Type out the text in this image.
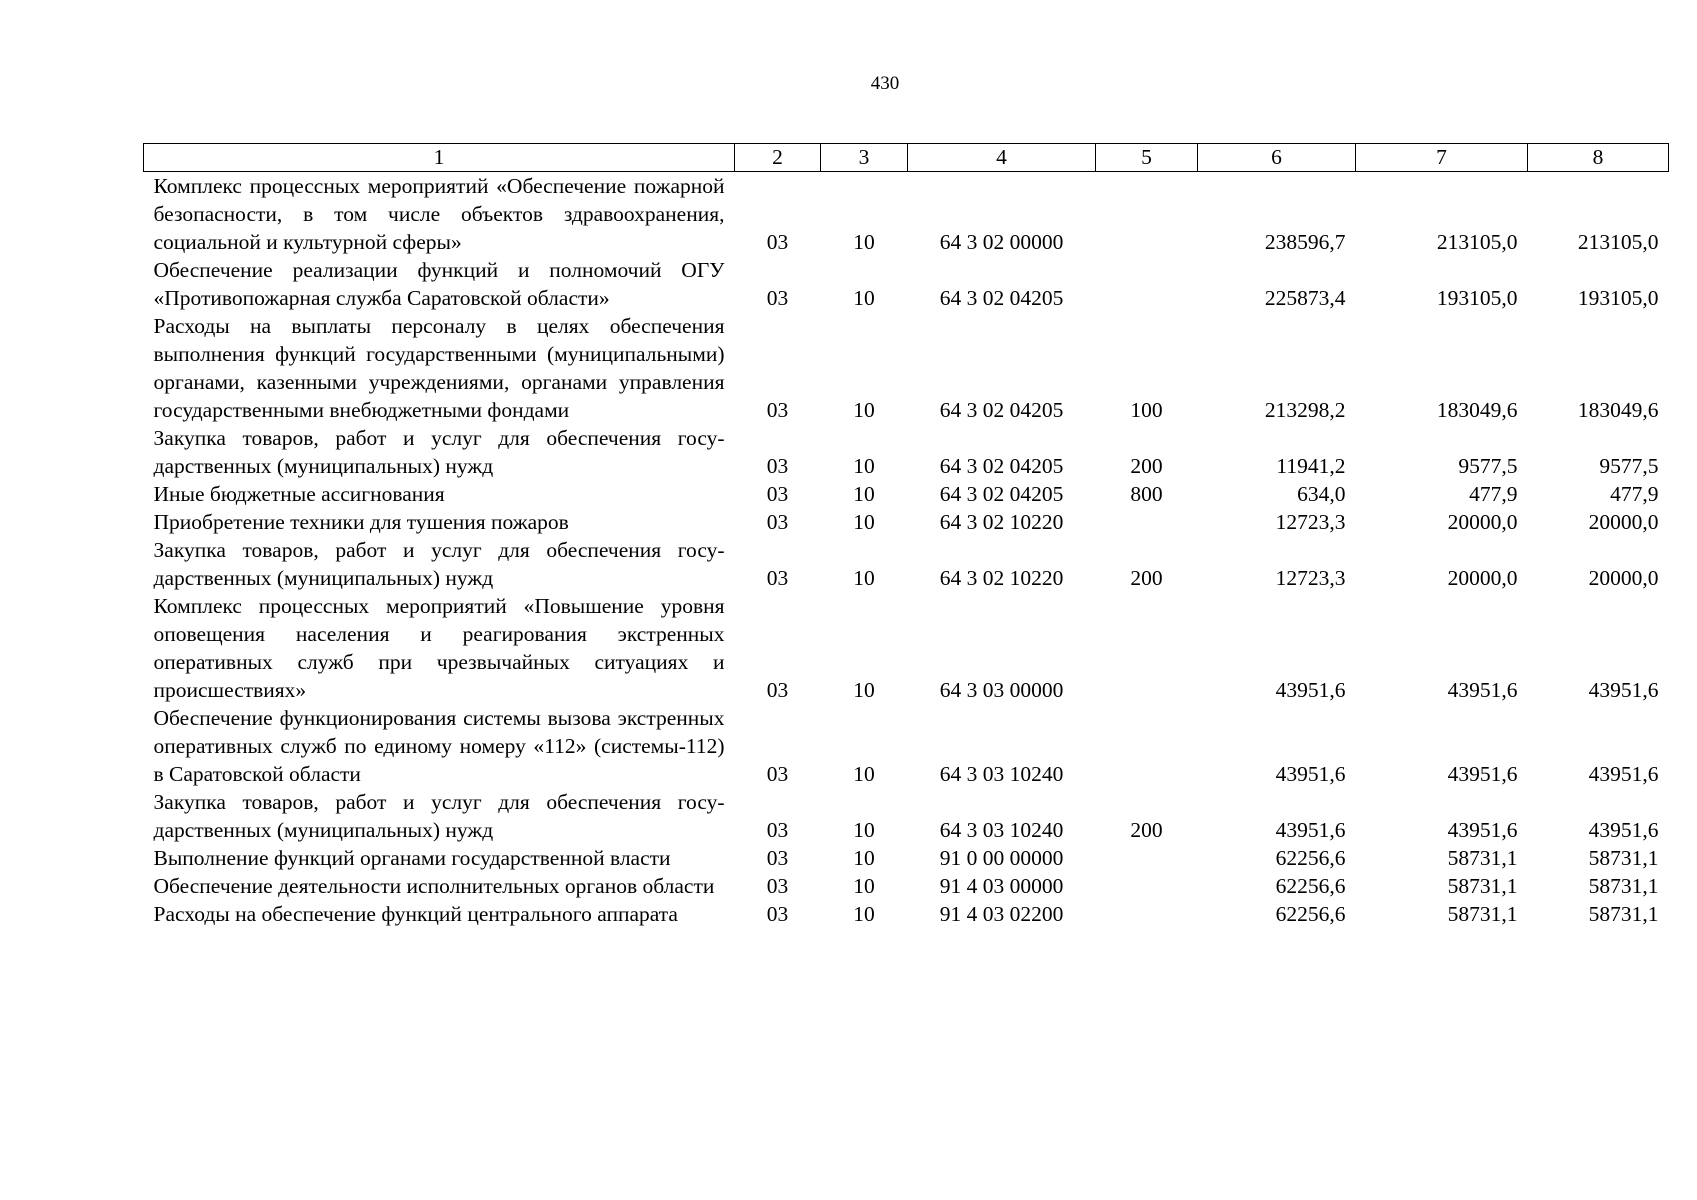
430
1	2	3	4	5	6	7	8
Комплекс процессных мероприятий «Обеспечение пожарной безопасности, в том числе объектов здравоохранения, социальной и культурной сферы»	03	10	64 3 02 00000		238596,7	213105,0	213105,0
Обеспечение реализации функций и полномочий ОГУ «Противопожарная служба Саратовской области»	03	10	64 3 02 04205		225873,4	193105,0	193105,0
Расходы на выплаты персоналу в целях обеспечения выполнения функций государственными (муниципальными) органами, казенными учреждениями, органами управления государственными внебюджетными фондами	03	10	64 3 02 04205	100	213298,2	183049,6	183049,6
Закупка товаров, работ и услуг для обеспечения государственных (муниципальных) нужд	03	10	64 3 02 04205	200	11941,2	9577,5	9577,5
Иные бюджетные ассигнования	03	10	64 3 02 04205	800	634,0	477,9	477,9
Приобретение техники для тушения пожаров	03	10	64 3 02 10220		12723,3	20000,0	20000,0
Закупка товаров, работ и услуг для обеспечения государственных (муниципальных) нужд	03	10	64 3 02 10220	200	12723,3	20000,0	20000,0
Комплекс процессных мероприятий «Повышение уровня оповещения населения и реагирования экстренных оперативных служб при чрезвычайных ситуациях и происшествиях»	03	10	64 3 03 00000		43951,6	43951,6	43951,6
Обеспечение функционирования системы вызова экстренных оперативных служб по единому номеру «112» (системы-112) в Саратовской области	03	10	64 3 03 10240		43951,6	43951,6	43951,6
Закупка товаров, работ и услуг для обеспечения государственных (муниципальных) нужд	03	10	64 3 03 10240	200	43951,6	43951,6	43951,6
Выполнение функций органами государственной власти	03	10	91 0 00 00000		62256,6	58731,1	58731,1
Обеспечение деятельности исполнительных органов области	03	10	91 4 03 00000		62256,6	58731,1	58731,1
Расходы на обеспечение функций центрального аппарата	03	10	91 4 03 02200		62256,6	58731,1	58731,1
